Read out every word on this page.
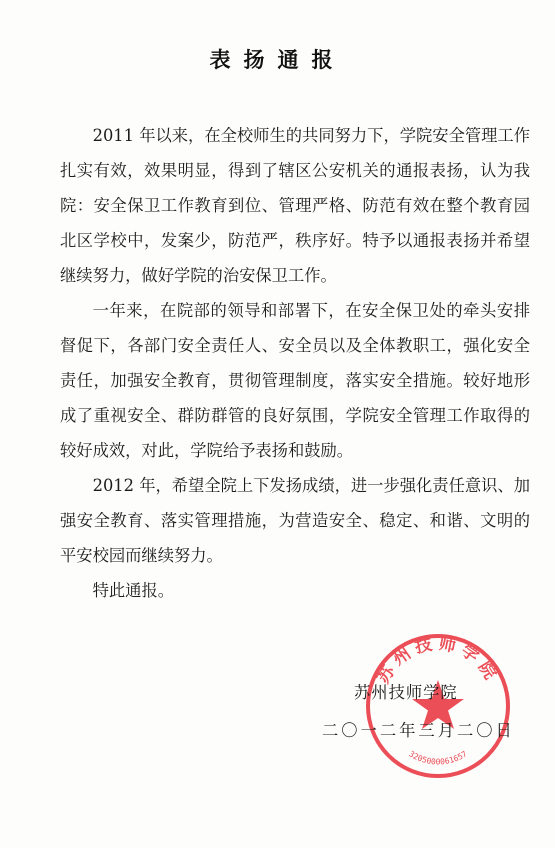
表扬通报

2011 年以来，在全校师生的共同努力下，学院安全管理工作扎实有效，效果明显，得到了辖区公安机关的通报表扬，认为我院：安全保卫工作教育到位、管理严格、防范有效在整个教育园北区学校中，发案少，防范严，秩序好。特予以通报表扬并希望继续努力，做好学院的治安保卫工作。

一年来，在院部的领导和部署下，在安全保卫处的牵头安排督促下，各部门安全责任人、安全员以及全体教职工，强化安全责任，加强安全教育，贯彻管理制度，落实安全措施。较好地形成了重视安全、群防群管的良好氛围，学院安全管理工作取得的较好成效，对此，学院给予表扬和鼓励。

2012 年，希望全院上下发扬成绩，进一步强化责任意识、加强安全教育、落实管理措施，为营造安全、稳定、和谐、文明的平安校园而继续努力。

特此通报。

苏州技师学院
3205000061657
苏州技师学院
二〇一二年三月二〇日
